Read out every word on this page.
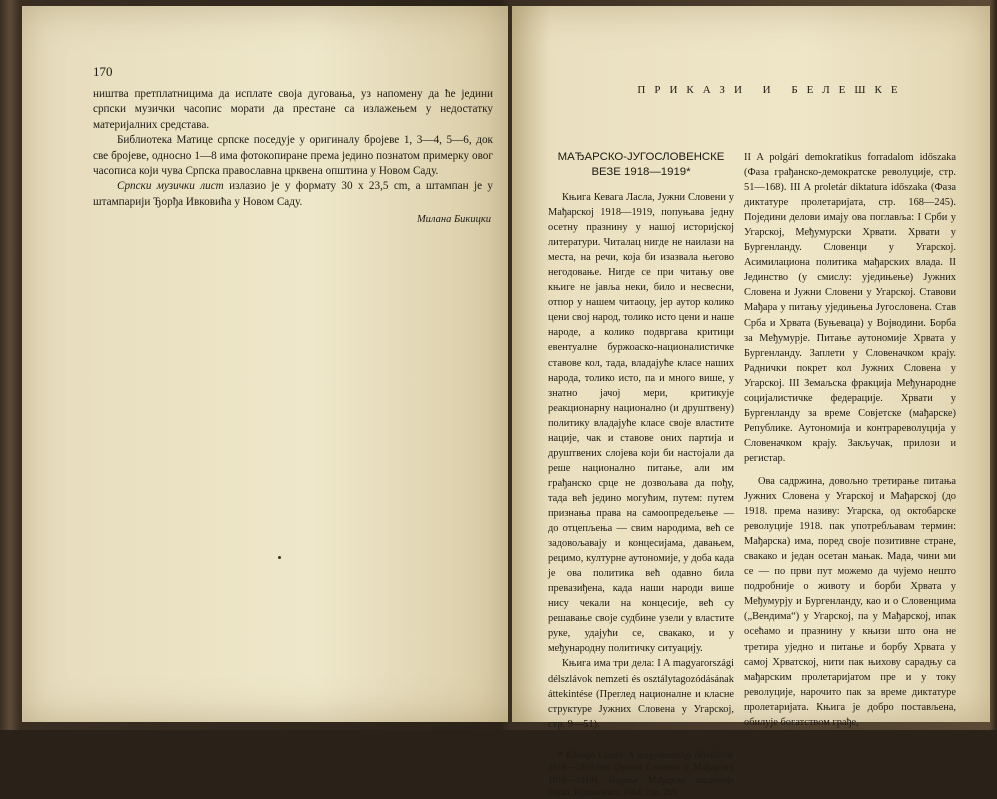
170

ништва претплатницима да исплате своја дуговања, уз напомену да ће једини српски музички часопис морати да престане са излажењем у недостатку материјалних средстава.

Библиотека Матице српске поседује у оригиналу бројеве 1, 3—4, 5—6, док све бројеве, односно 1—8 има фотокопиране према једино познатом примерку овог часописа који чува Српска православна црквена општина у Новом Саду.

Српски музички лист излазио је у формату 30 x 23,5 cm, а штампан је у штампарији Ђорђа Ивковића у Новом Саду.

Милана Бикицки
ПРИКАЗИ И БЕЛЕШКЕ
МАЂАРСКО-ЈУГОСЛОВЕНСКЕ
ВЕЗЕ 1918—1919*

Књига Кевага Ласла, Јужни Словени у Мађарској 1918—1919, попуњава једну осетну празнину у нашој историјској литератури. Читалац нигде не наилази на места, на речи, која би изазвала његово негодовање. Нигде се при читању ове књиге не јавља неки, било и несвесни, отпор у нашем читаоцу, јер аутор колико цени свој народ, толико исто цени и наше народе, а колико подвргава критици евентуалне буржоаско-националистичке ставове кол, тада, владајуће класе наших народа, толико исто, па и много више, у знатно јачој мери, критикује реакционарну национално (и друштвену) политику владајуће класе своје властите нације, чак и ставове оних партија и друштвених слојева који би настојали да реше национално питање, али им грађанско срце не дозвољава да пођу, тада већ једино могућим, путем: путем признања права на самоопредељење — до отцепљења — свим народима, већ се задовољавају и концесијама, давањем, рецимо, културне аутономије, у доба када је ова политика већ одавно била превазиђена, када наши народи више нису чекали на концесије, већ су решавање своје судбине узели у властите руке, удајући се, свакако, и у међународну политичку ситуацију.

Књига има три дела: I A magyarországi délszlávok nemzeti és osztálytagozódásának áttekintése (Преглед националне и класне структуре Јужних Словена у Угарској, стр. 9—51).

* Kővágó László: A magyarországi délszlávok 1918—1919-ben (Јужни Словени у Мађарској 1918—1919). Издање Мађарске академије наука, Будимпешт, 1964. стр. 269.

II A polgári demokratikus forradalom időszaka (Фаза грађанско-демократске револуције, стр. 51—168). III A proletár diktatura időszaka (Фаза диктатуре пролетаријата, стр. 168—245). Поједини делови имају ова поглавља: I Срби у Угарској, Међумурски Хрвати. Хрвати у Бургенланду. Словенци у Угарској. Асимилациона политика мађарских влада. II Јединство (у смислу: уједињење) Јужних Словена и Јужни Словени у Угарској. Ставови Мађара у питању уједињења Југословена. Став Срба и Хрвата (Буњеваца) у Војводини. Борба за Међумурје. Питање аутономије Хрвата у Бургенланду. Заплети у Словеначком крају. Раднички покрет кол Јужних Словена у Угарској. III Земаљска фракција Међународне социјалистичке федерације. Хрвати у Бургенланду за време Совјетске (мађарске) Републике. Аутономија и контрареволуција у Словеначком крају. Закључак, прилози и регистар.

Ова садржина, довољно третирање питања Јужних Словена у Угарској и Мађарској (до 1918. према називу: Угарска, од октобарске револуције 1918. пак употребљавам термин: Мађарска) има, поред своје позитивне стране, свакако и један осетан мањак. Мада, чини ми се — по први пут можемо да чујемо нешто подробније о животу и борби Хрвата у Међумурју и Бургенланду, као и о Словенцима („Вендима“) у Угарској, па у Мађарској, ипак осећамо и празнину у књизи што она не третира уједно и питање и борбу Хрвата у самој Хрватској, нити пак њихову сарадњу са мађарским пролетаријатом пре и у току револуције, нарочито пак за време диктатуре пролетаријата. Књига је добро постављена, обилује богатством грађе,
